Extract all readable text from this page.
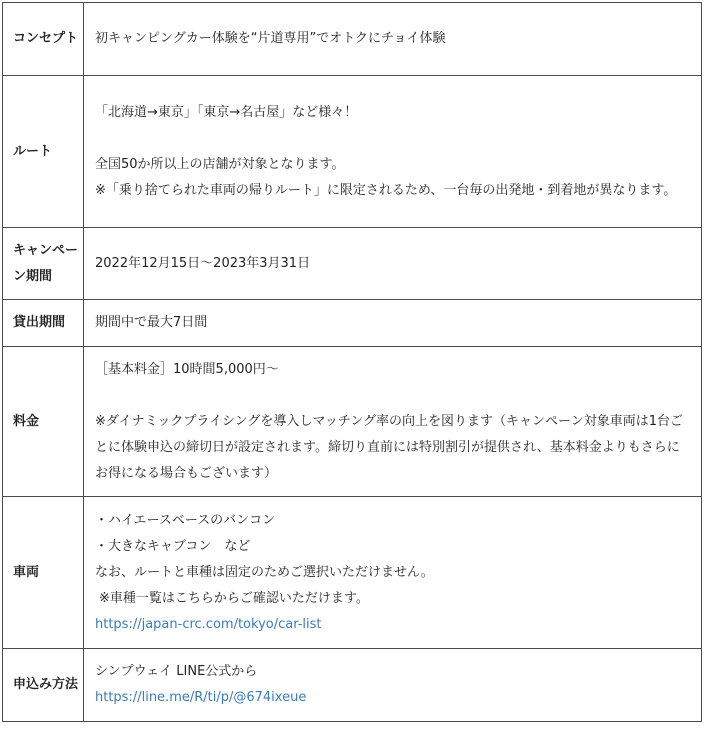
コンセプト	初キャンピングカー体験を“片道専用”でオトクにチョイ体験

ルート	「北海道→東京」「東京→名古屋」など様々！
全国50か所以上の店舗が対象となります。
※「乗り捨てられた車両の帰りルート」に限定されるため、一台毎の出発地・到着地が異なります。

キャンペーン期間	2022年12月15日〜2023年3月31日

貸出期間	期間中で最大7日間

料金	［基本料金］10時間5,000円〜
※ダイナミックプライシングを導入しマッチング率の向上を図ります（キャンペーン対象車両は1台ごとに体験申込の締切日が設定されます。締切り直前には特別割引が提供され、基本料金よりもさらにお得になる場合もございます）

車両	・ハイエースベースのバンコン
・大きなキャブコン　など
なお、ルートと車種は固定のためご選択いただけません。
※車種一覧はこちらからご確認いただけます。
https://japan-crc.com/tokyo/car-list

申込み方法	シンプウェイ LINE公式から
https://line.me/R/ti/p/@674ixeue
